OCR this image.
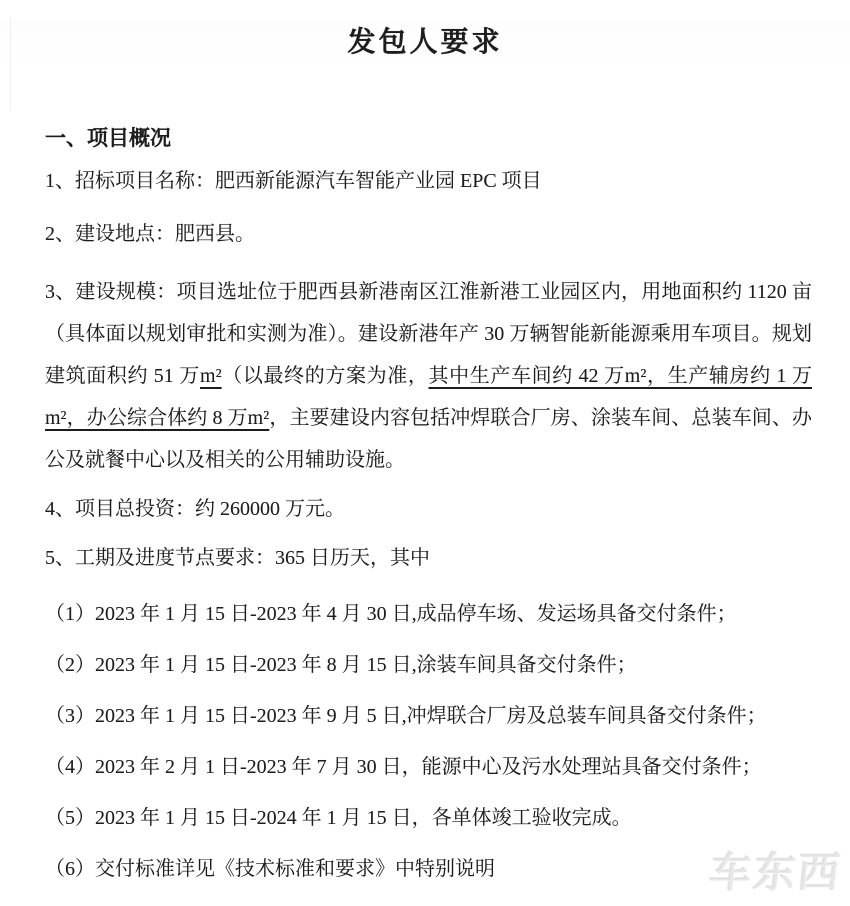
发包人要求
一、项目概况

1、招标项目名称：肥西新能源汽车智能产业园 EPC 项目

2、建设地点：肥西县。

3、建设规模：项目选址位于肥西县新港南区江淮新港工业园区内，用地面积约 1120 亩（具体面以规划审批和实测为准）。建设新港年产 30 万辆智能新能源乘用车项目。规划建筑面积约 51 万m²（以最终的方案为准，其中生产车间约 42 万m²，生产辅房约 1 万m²，办公综合体约 8 万m²，主要建设内容包括冲焊联合厂房、涂装车间、总装车间、办公及就餐中心以及相关的公用辅助设施。

4、项目总投资：约 260000 万元。

5、工期及进度节点要求：365 日历天，其中

（1）2023 年 1 月 15 日-2023 年 4 月 30 日,成品停车场、发运场具备交付条件；

（2）2023 年 1 月 15 日-2023 年 8 月 15 日,涂装车间具备交付条件；

（3）2023 年 1 月 15 日-2023 年 9 月 5 日,冲焊联合厂房及总装车间具备交付条件；

（4）2023 年 2 月 1 日-2023 年 7 月 30 日，能源中心及污水处理站具备交付条件；

（5）2023 年 1 月 15 日-2024 年 1 月 15 日，各单体竣工验收完成。

（6）交付标准详见《技术标准和要求》中特别说明	车东西
